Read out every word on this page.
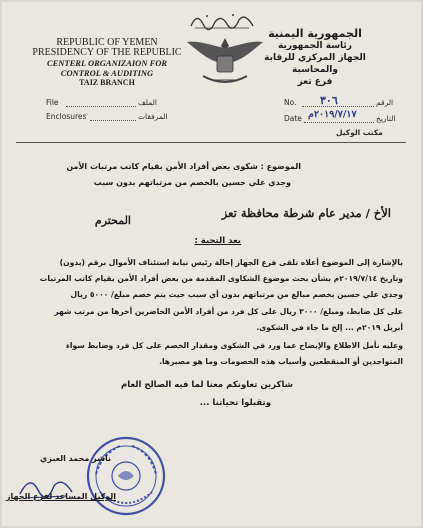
REPUBLIC OF YEMEN
PRESIDENCY OF THE REPUBLIC
CENTERL ORGANIZAION FOR
CONTROL & AUDITING
TAIZ BRANCH
الجمهورية اليمنية
رئاسة الجمهورية
الجهاز المركزي للرقابة والمحاسبة
فرع تعز
File	الملف
Enclosures	المرفقات
No. ٣٠٦	الرقم
Date ٢٠١٩/٧/١٧م	التاريخ
مكتب الوكيل
الموضوع : شكوى بعض أفراد الأمن بقيام كاتب مرتبات الأمن
وجدي علي حسين بالخصم من مرتباتهم بدون سبب
الأخ / مدير عام شرطة محافظة تعز
المحترم
بعد التحية :
بالإشارة إلى الموضوع أعلاه تلقى فرع الجهاز إحالة رئيس نيابة استئناف الأموال برقم (بدون)
وتاريخ ٢٠١٩/٧/١٤م بشأن بحث موضوع الشكاوى المقدمة من بعض أفراد الأمن بقيام كاتب المرتبات
وجدي علي حسين بخصم مبالغ من مرتباتهم بدون أي سبب حيث يتم خصم مبلغ/ ٥٠٠٠ ريال
على كل ضابط، ومبلغ/ ٣٠٠٠ ريال على كل فرد من أفراد الأمن الحاضرين أخرها من مرتب شهر
أبريل ٢٠١٩م ... إلخ ما جاء في الشكوى.
وعليه نأمل الاطلاع والإيضاح عما ورد في الشكوى ومقدار الخصم على كل فرد وضابط سواء
المتواجدين أو المنقطعين وأسباب هذه الخصومات وما هو مصيرها.
شاكرين تعاونكم معنا لما فيه الصالح العام
وتقبلوا تحياتنا ...
ناشر محمد العبزي
الوكيل المساعد لفرع الجهاز
